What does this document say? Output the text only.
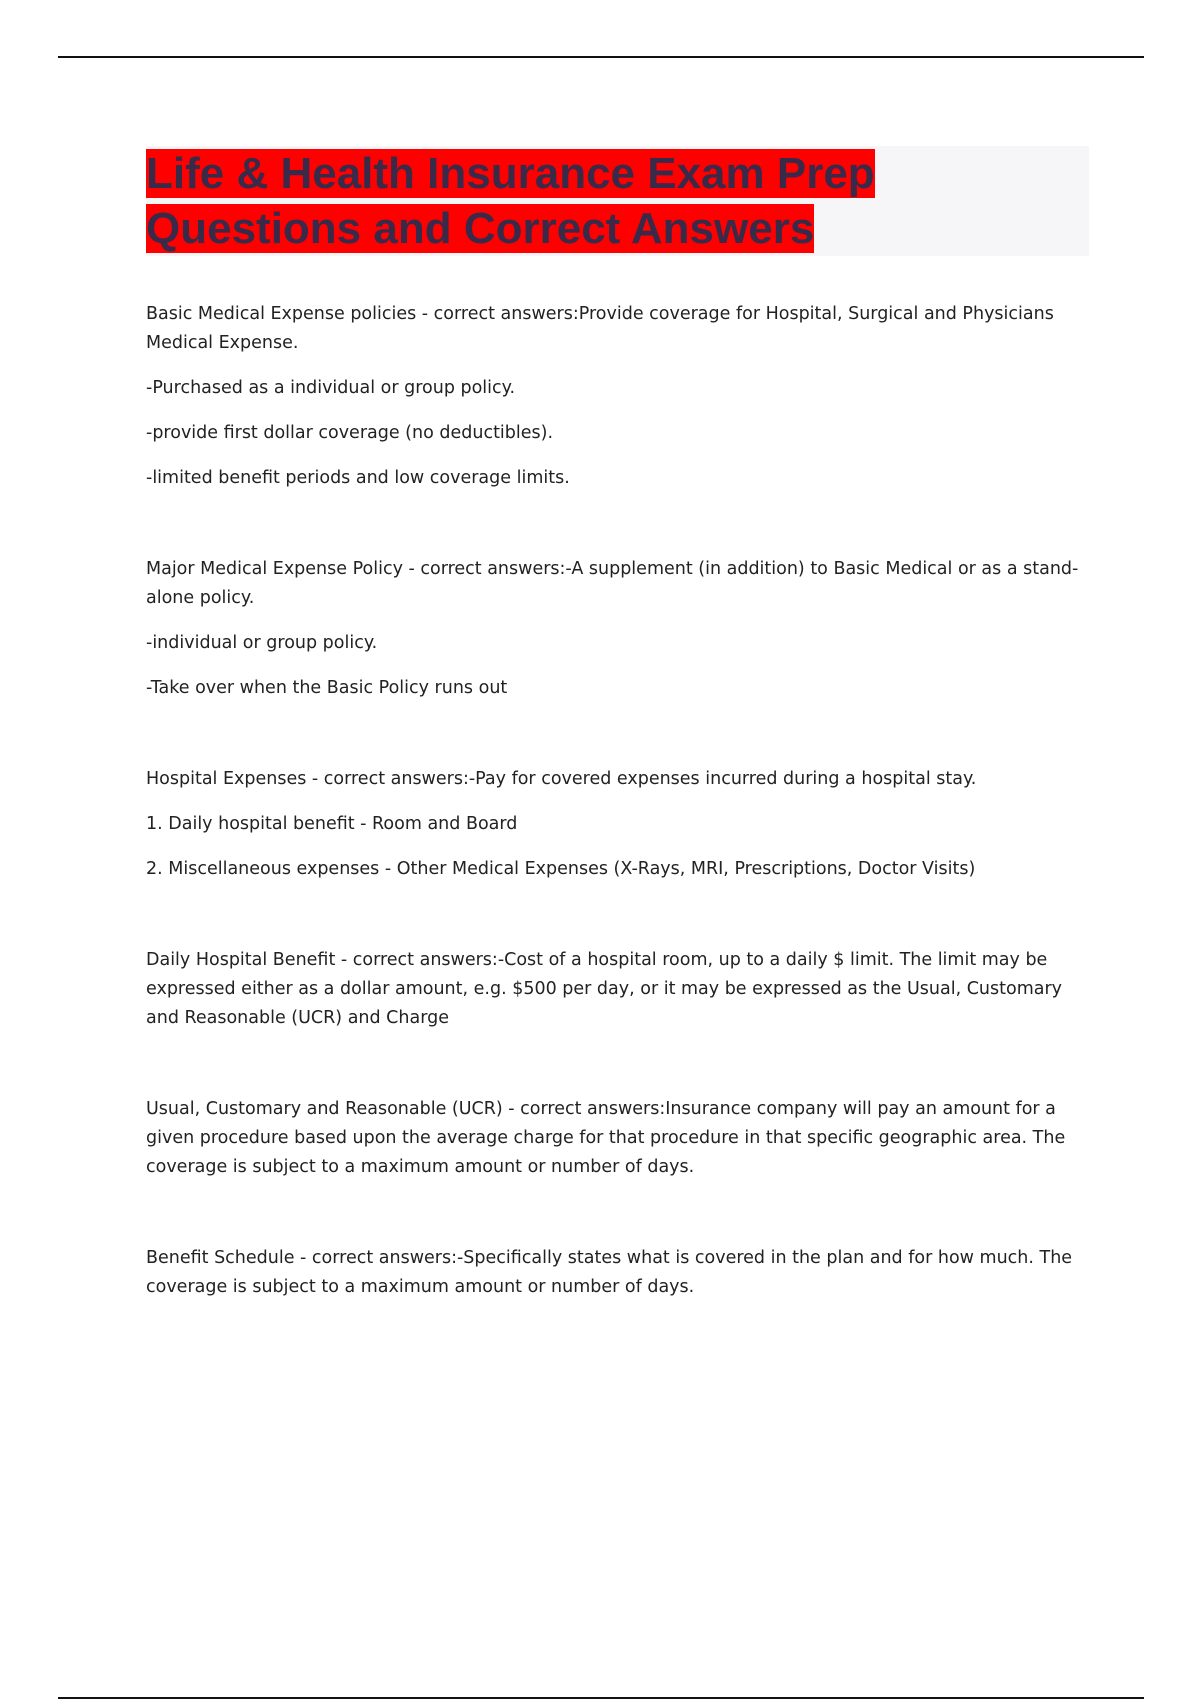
Life & Health Insurance Exam Prep
Questions and Correct Answers

Basic Medical Expense policies - correct answers:Provide coverage for Hospital, Surgical and Physicians Medical Expense.

-Purchased as a individual or group policy.

-provide first dollar coverage (no deductibles).

-limited benefit periods and low coverage limits.

Major Medical Expense Policy - correct answers:-A supplement (in addition) to Basic Medical or as a stand-alone policy.

-individual or group policy.

-Take over when the Basic Policy runs out

Hospital Expenses - correct answers:-Pay for covered expenses incurred during a hospital stay.

1. Daily hospital benefit - Room and Board

2. Miscellaneous expenses - Other Medical Expenses (X-Rays, MRI, Prescriptions, Doctor Visits)

Daily Hospital Benefit - correct answers:-Cost of a hospital room, up to a daily $ limit. The limit may be expressed either as a dollar amount, e.g. $500 per day, or it may be expressed as the Usual, Customary and Reasonable (UCR) and Charge

Usual, Customary and Reasonable (UCR) - correct answers:Insurance company will pay an amount for a given procedure based upon the average charge for that procedure in that specific geographic area. The coverage is subject to a maximum amount or number of days.

Benefit Schedule - correct answers:-Specifically states what is covered in the plan and for how much. The coverage is subject to a maximum amount or number of days.
